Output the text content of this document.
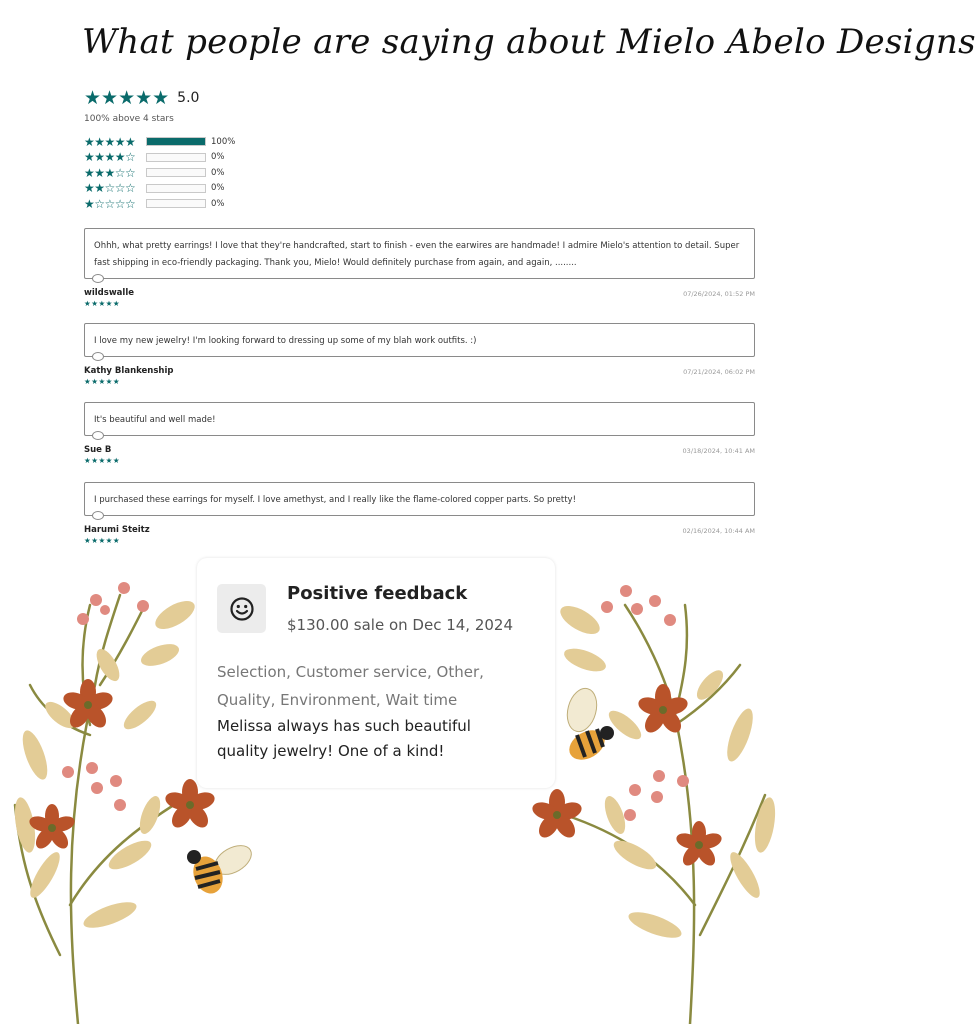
What people are saying about Mielo Abelo Designs
★★★★★ 5.0
100% above 4 stars
★★★★★	100%
★★★★☆	0%
★★★☆☆	0%
★★☆☆☆	0%
★☆☆☆☆	0%
Ohhh, what pretty earrings! I love that they're handcrafted, start to finish - even the earwires are handmade! I admire Mielo's attention to detail. Super fast shipping in eco-friendly packaging. Thank you, Mielo! Would definitely purchase from again, and again, ........
wildswalle
★★★★★
07/26/2024, 01:52 PM
I love my new jewelry! I'm looking forward to dressing up some of my blah work outfits. :)
Kathy Blankenship
★★★★★
07/21/2024, 06:02 PM
It's beautiful and well made!
Sue B
★★★★★
03/18/2024, 10:41 AM
I purchased these earrings for myself. I love amethyst, and I really like the flame-colored copper parts. So pretty!
Harumi Steitz
★★★★★
02/16/2024, 10:44 AM
Positive feedback
$130.00 sale on Dec 14, 2024
Selection, Customer service, Other, Quality, Environment, Wait time
Melissa always has such beautiful quality jewelry! One of a kind!
